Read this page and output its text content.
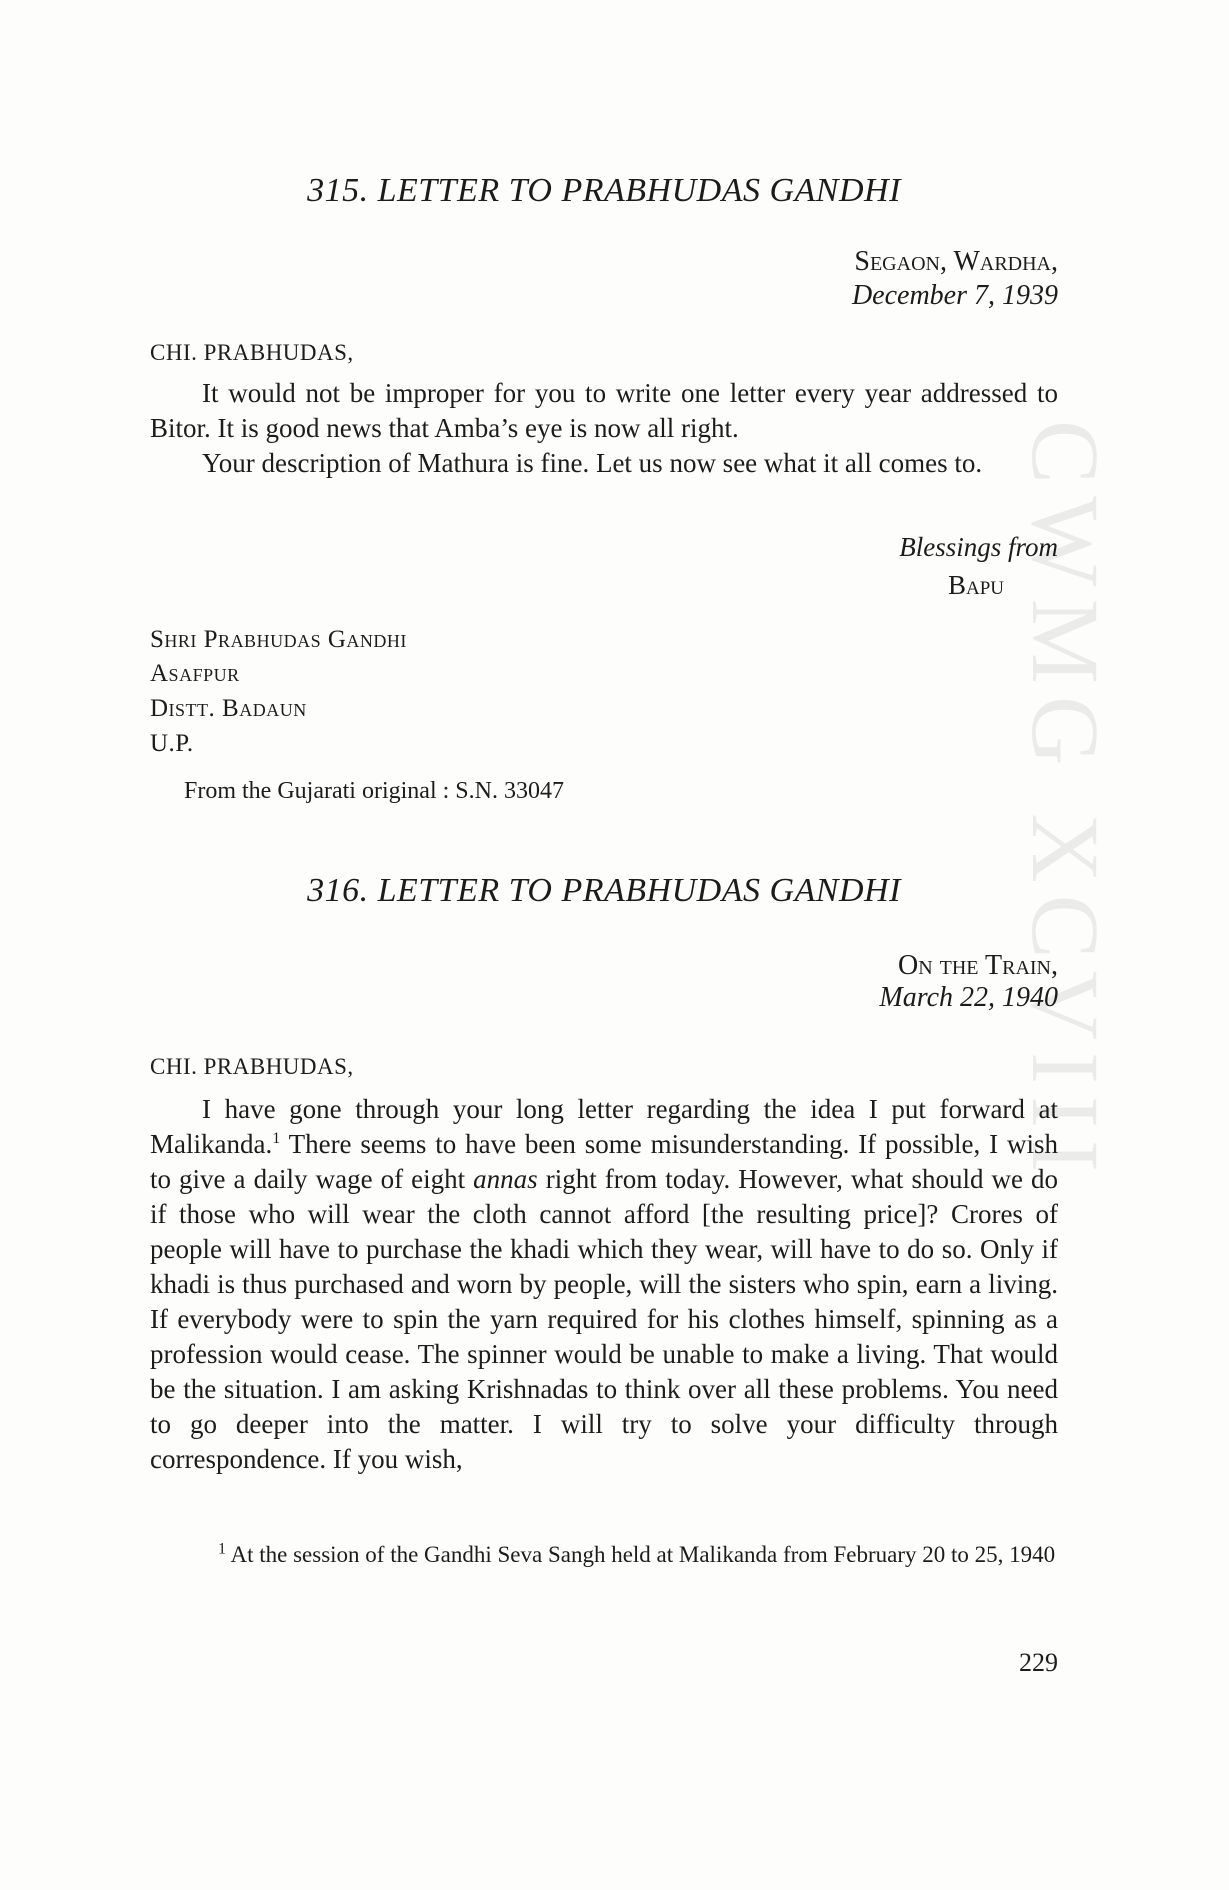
CWMG XCVIII
315. LETTER TO PRABHUDAS GANDHI
Segaon, Wardha,
December 7, 1939
CHI. PRABHUDAS,

It would not be improper for you to write one letter every year addressed to Bitor. It is good news that Amba’s eye is now all right.

Your description of Mathura is fine. Let us now see what it all comes to.

Blessings from
Bapu
Shri Prabhudas Gandhi
Asafpur
Distt. Badaun
U.P.
From the Gujarati original : S.N. 33047
316. LETTER TO PRABHUDAS GANDHI
On the Train,
March 22, 1940
CHI. PRABHUDAS,

I have gone through your long letter regarding the idea I put forward at Malikanda.$^1$ There seems to have been some misunderstanding. If possible, I wish to give a daily wage of eight annas right from today. However, what should we do if those who will wear the cloth cannot afford [the resulting price]? Crores of people will have to purchase the khadi which they wear, will have to do so. Only if khadi is thus purchased and worn by people, will the sisters who spin, earn a living. If everybody were to spin the yarn required for his clothes himself, spinning as a profession would cease. The spinner would be unable to make a living. That would be the situation. I am asking Krishnadas to think over all these problems. You need to go deeper into the matter. I will try to solve your difficulty through correspondence. If you wish,

$^1$ At the session of the Gandhi Seva Sangh held at Malikanda from February 20 to 25, 1940

229
